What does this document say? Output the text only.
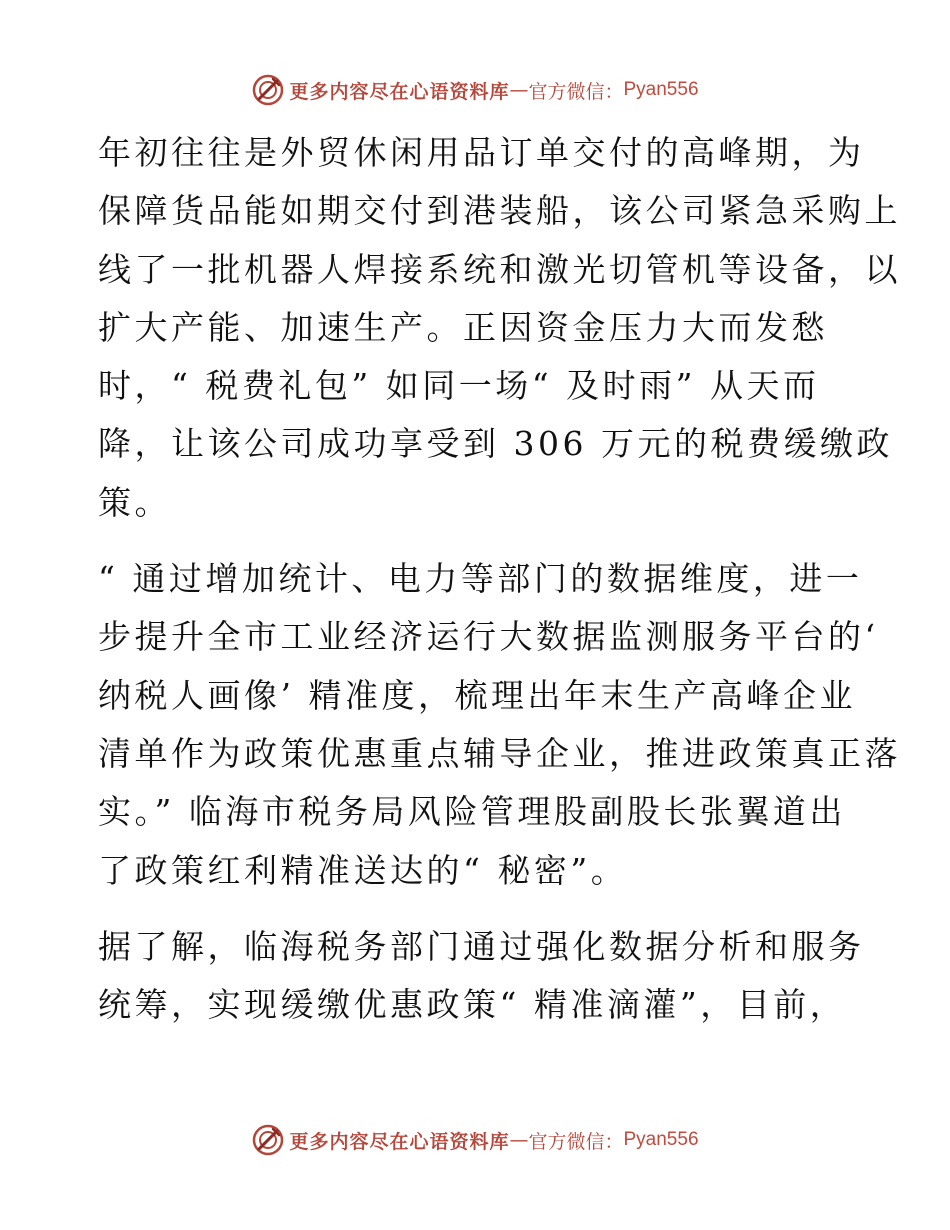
更多内容尽在心语资料库 — 官方微信： Pyan556

年初往往是外贸休闲用品订单交付的高峰期，为
保障货品能如期交付到港装船，该公司紧急采购上
线了一批机器人焊接系统和激光切管机等设备，以
扩大产能、加速生产。正因资金压力大而发愁
时，“ 税费礼包” 如同一场“ 及时雨” 从天而
降，让该公司成功享受到 306 万元的税费缓缴政
策。

“ 通过增加统计、电力等部门的数据维度，进一
步提升全市工业经济运行大数据监测服务平台的‘
纳税人画像’ 精准度，梳理出年末生产高峰企业
清单作为政策优惠重点辅导企业，推进政策真正落
实。” 临海市税务局风险管理股副股长张翼道出
了政策红利精准送达的“ 秘密”。

据了解，临海税务部门通过强化数据分析和服务
统筹，实现缓缴优惠政策“ 精准滴灌”，目前，

更多内容尽在心语资料库 — 官方微信： Pyan556
